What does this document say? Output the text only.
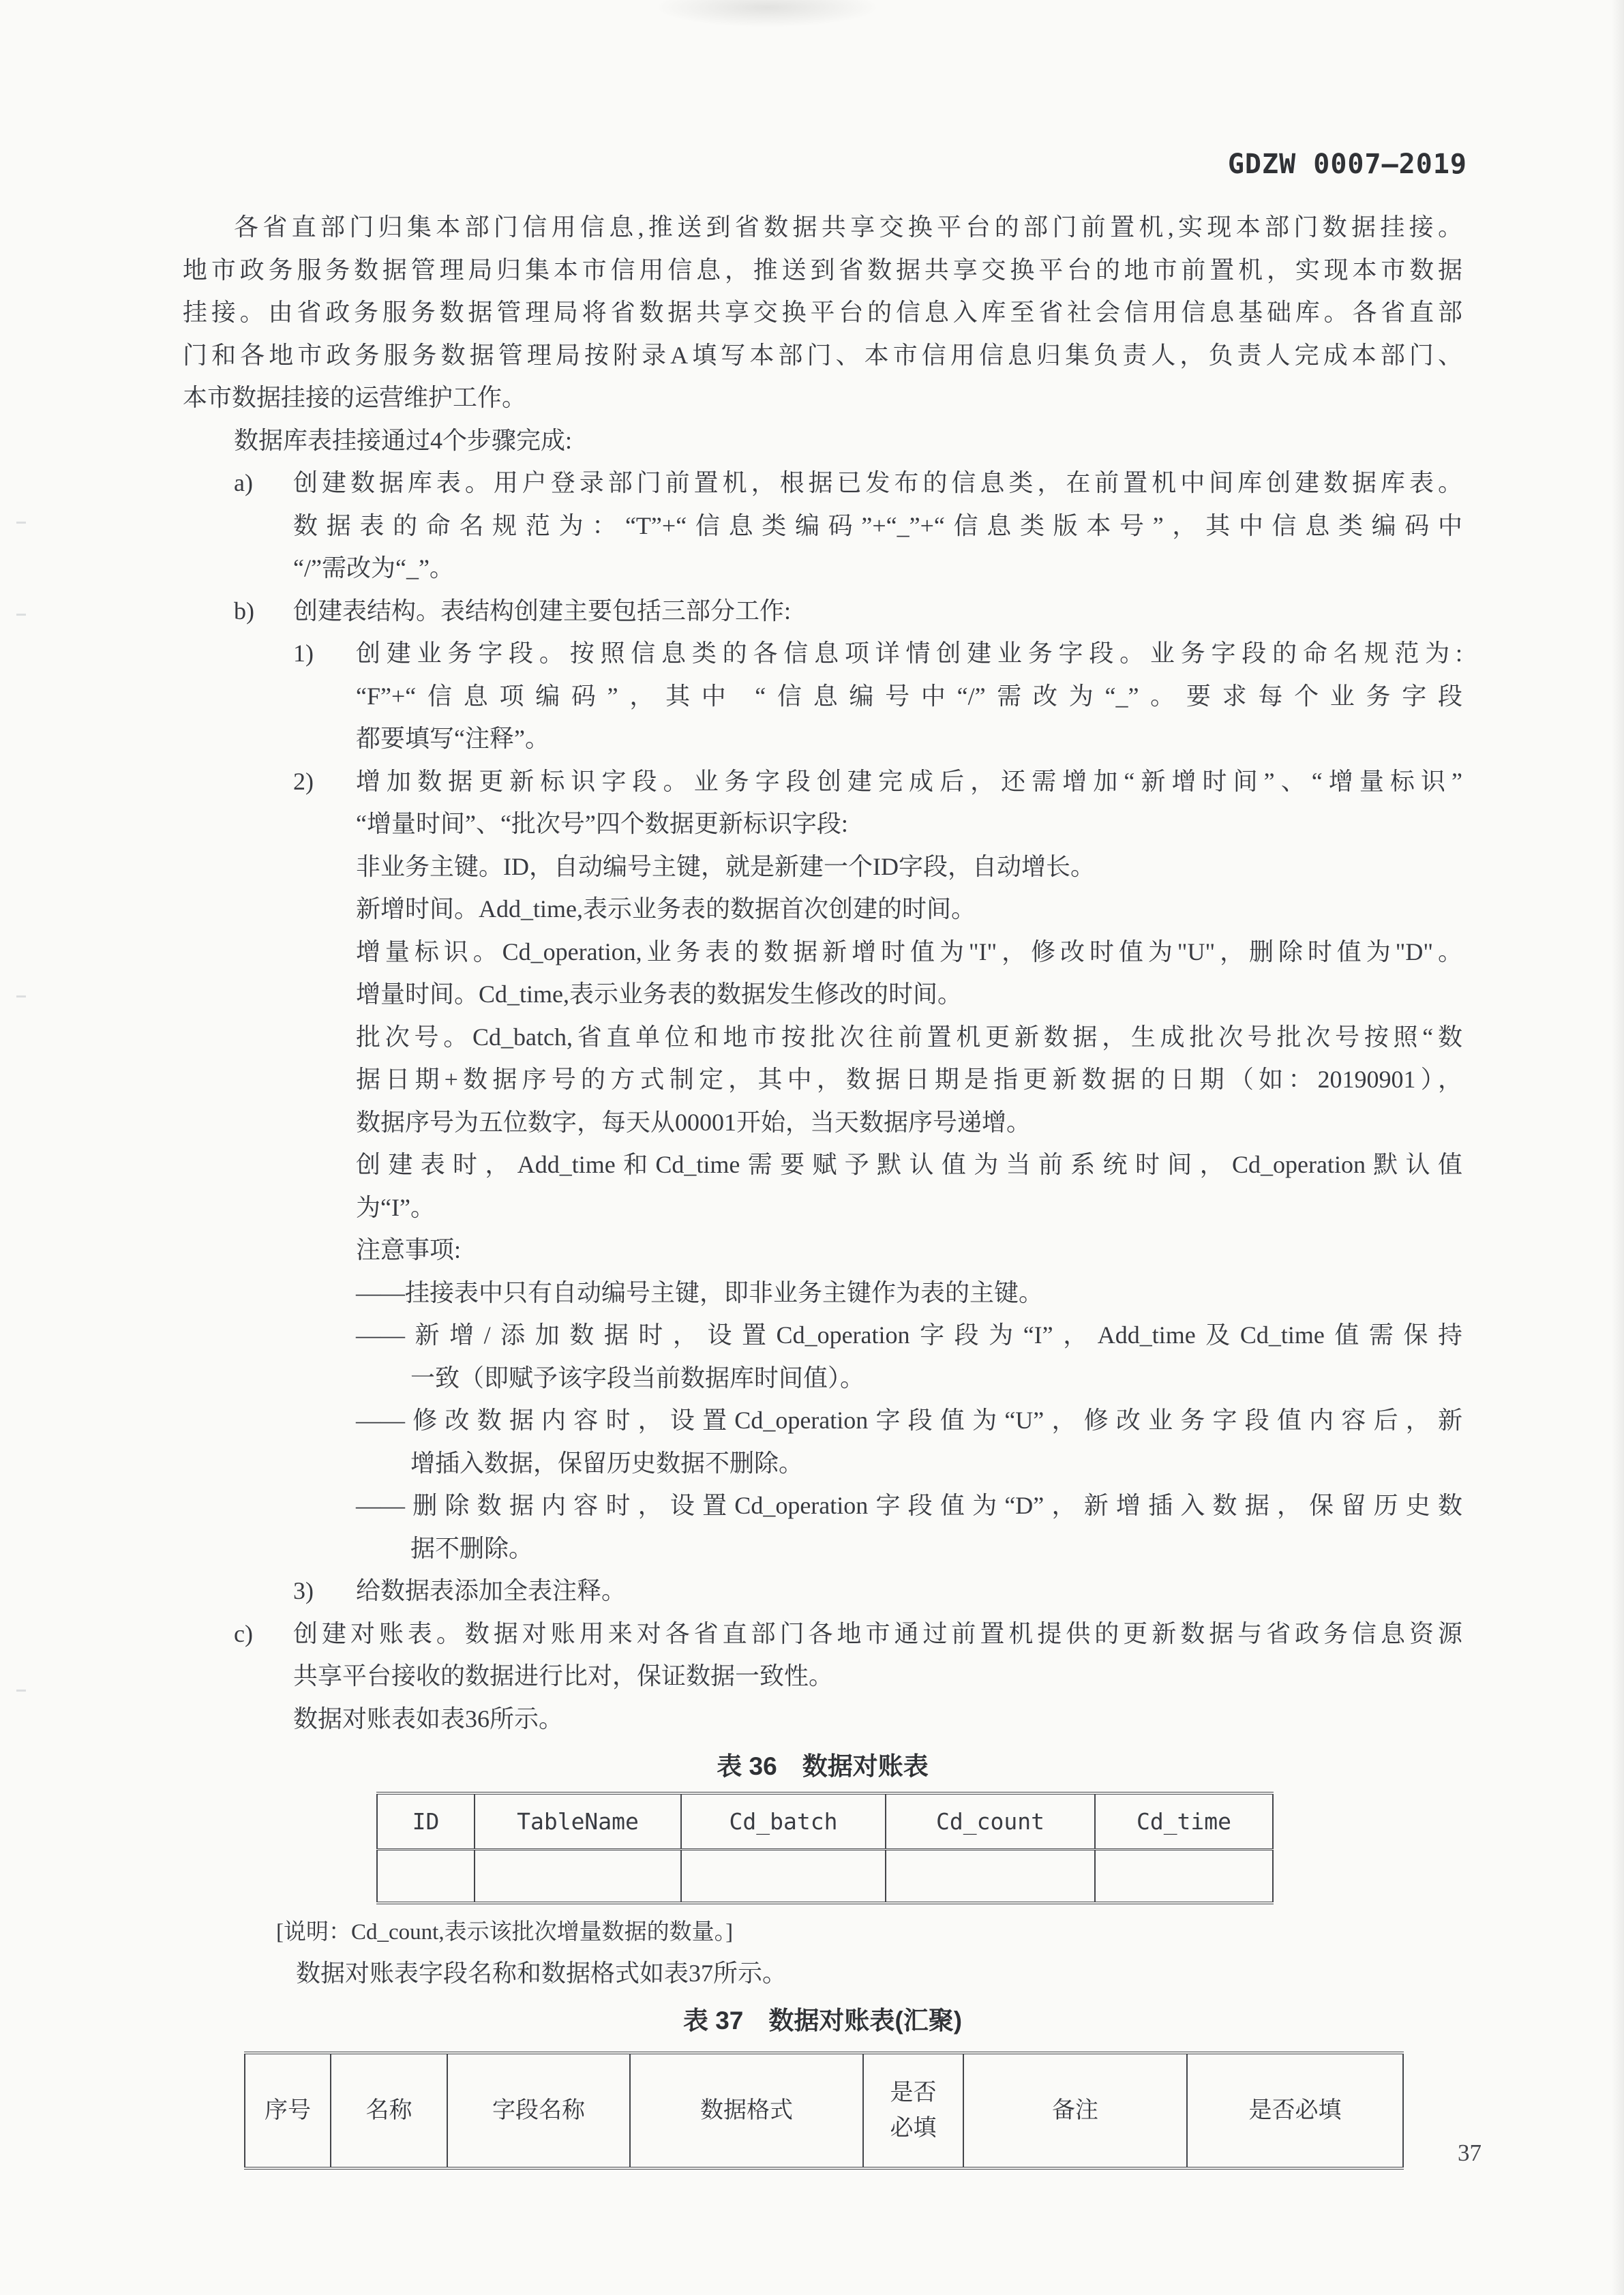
GDZW 0007—2019
各省直部门归集本部门信用信息,推送到省数据共享交换平台的部门前置机,实现本部门数据挂接。
地市政务服务数据管理局归集本市信用信息，推送到省数据共享交换平台的地市前置机，实现本市数据
挂接。由省政务服务数据管理局将省数据共享交换平台的信息入库至省社会信用信息基础库。各省直部
门和各地市政务服务数据管理局按附录A填写本部门、本市信用信息归集负责人，负责人完成本部门、
本市数据挂接的运营维护工作。
数据库表挂接通过4个步骤完成:
a)	创建数据库表。用户登录部门前置机，根据已发布的信息类，在前置机中间库创建数据库表。
数据表的命名规范为：“T”+“信息类编码”+“_”+“信息类版本号”，其中信息类编码中
“/”需改为“_”。
b)	创建表结构。表结构创建主要包括三部分工作:
1)	创建业务字段。按照信息类的各信息项详情创建业务字段。业务字段的命名规范为:
“F”+“信息项编码”，其中 “信息编号中“/”需改为“_”。要求每个业务字段
都要填写“注释”。
2)	增加数据更新标识字段。业务字段创建完成后，还需增加“新增时间”、“增量标识”
“增量时间”、“批次号”四个数据更新标识字段:
非业务主键。ID，自动编号主键，就是新建一个ID字段，自动增长。
新增时间。Add_time,表示业务表的数据首次创建的时间。
增量标识。Cd_operation,业务表的数据新增时值为"I"，修改时值为"U"，删除时值为"D"。
增量时间。Cd_time,表示业务表的数据发生修改的时间。
批次号。Cd_batch,省直单位和地市按批次往前置机更新数据，生成批次号批次号按照“数
据日期+数据序号的方式制定，其中，数据日期是指更新数据的日期（如：20190901），
数据序号为五位数字，每天从00001开始，当天数据序号递增。
创建表时，Add_time和Cd_time需要赋予默认值为当前系统时间，Cd_operation默认值
为“I”。
注意事项:
——挂接表中只有自动编号主键，即非业务主键作为表的主键。
——新增/添加数据时，设置Cd_operation字段为“I”，Add_time及Cd_time值需保持
一致（即赋予该字段当前数据库时间值）。
——修改数据内容时，设置Cd_operation字段值为“U”，修改业务字段值内容后，新
增插入数据，保留历史数据不删除。
——删除数据内容时，设置Cd_operation字段值为“D”，新增插入数据，保留历史数
据不删除。
3)	给数据表添加全表注释。
c)	创建对账表。数据对账用来对各省直部门各地市通过前置机提供的更新数据与省政务信息资源
共享平台接收的数据进行比对，保证数据一致性。
数据对账表如表36所示。
表 36　数据对账表
ID	TableName	Cd_batch	Cd_count	Cd_time

[说明：Cd_count,表示该批次增量数据的数量。]
数据对账表字段名称和数据格式如表37所示。
表 37　数据对账表(汇聚)
序号	名称	字段名称	数据格式	是否必填	备注	是否必填
37
